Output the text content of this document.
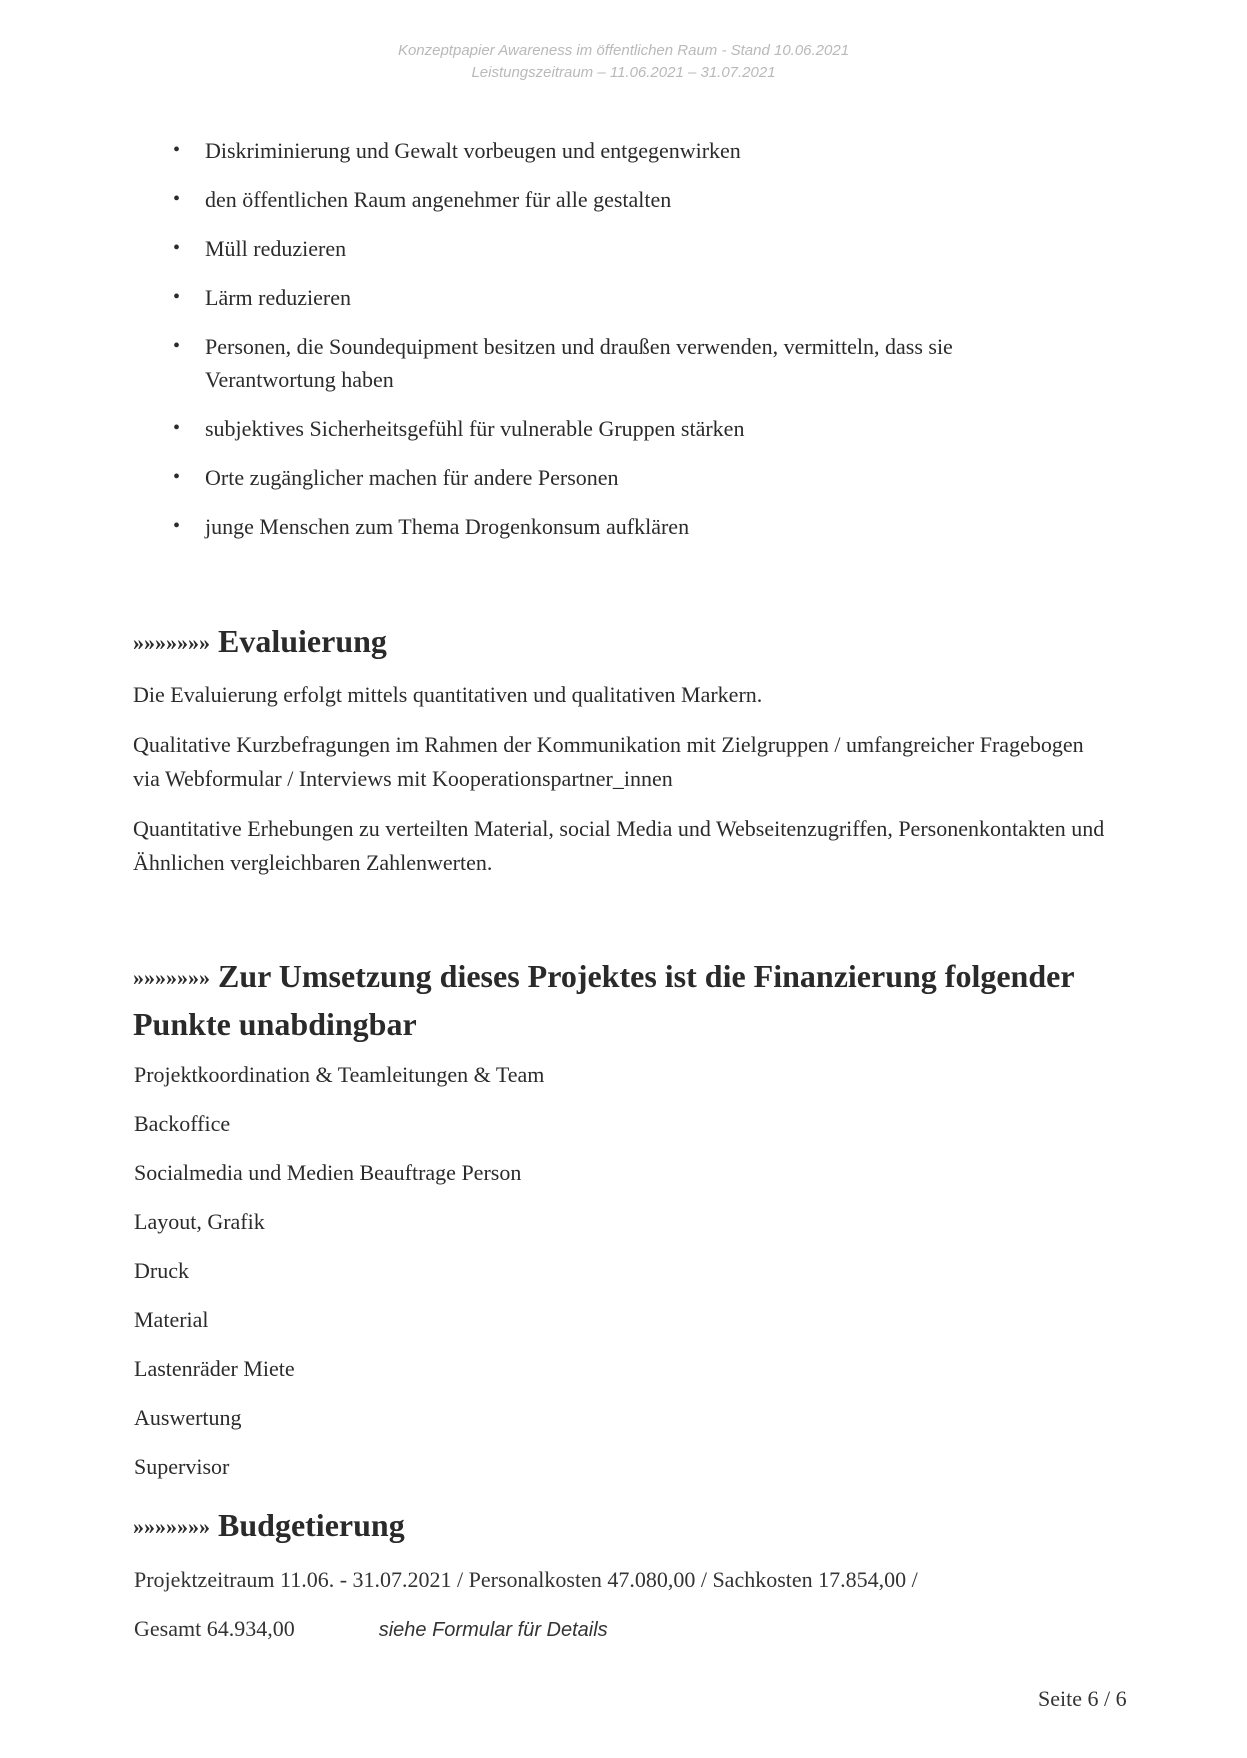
Konzeptpapier Awareness im öffentlichen Raum - Stand 10.06.2021
Leistungszeitraum – 11.06.2021 – 31.07.2021
• Diskriminierung und Gewalt vorbeugen und entgegenwirken
• den öffentlichen Raum angenehmer für alle gestalten
• Müll reduzieren
• Lärm reduzieren
• Personen, die Soundequipment besitzen und draußen verwenden, vermitteln, dass sie Verantwortung haben
• subjektives Sicherheitsgefühl für vulnerable Gruppen stärken
• Orte zugänglicher machen für andere Personen
• junge Menschen zum Thema Drogenkonsum aufklären
»»»»»»» Evaluierung

Die Evaluierung erfolgt mittels quantitativen und qualitativen Markern.

Qualitative Kurzbefragungen im Rahmen der Kommunikation mit Zielgruppen / umfangreicher Fragebogen via Webformular / Interviews mit Kooperationspartner_innen

Quantitative Erhebungen zu verteilten Material, social Media und Webseitenzugriffen, Personenkontakten und Ähnlichen vergleichbaren Zahlenwerten.

»»»»»»» Zur Umsetzung dieses Projektes ist die Finanzierung folgender Punkte unabdingbar
Projektkoordination & Teamleitungen & Team
Backoffice
Socialmedia und Medien Beauftrage Person
Layout, Grafik
Druck
Material
Lastenräder Miete
Auswertung
Supervisor
»»»»»»» Budgetierung
Projektzeitraum 11.06. - 31.07.2021 / Personalkosten 47.080,00 / Sachkosten 17.854,00 /
Gesamt 64.934,00	siehe Formular für Details
Seite 6 / 6
